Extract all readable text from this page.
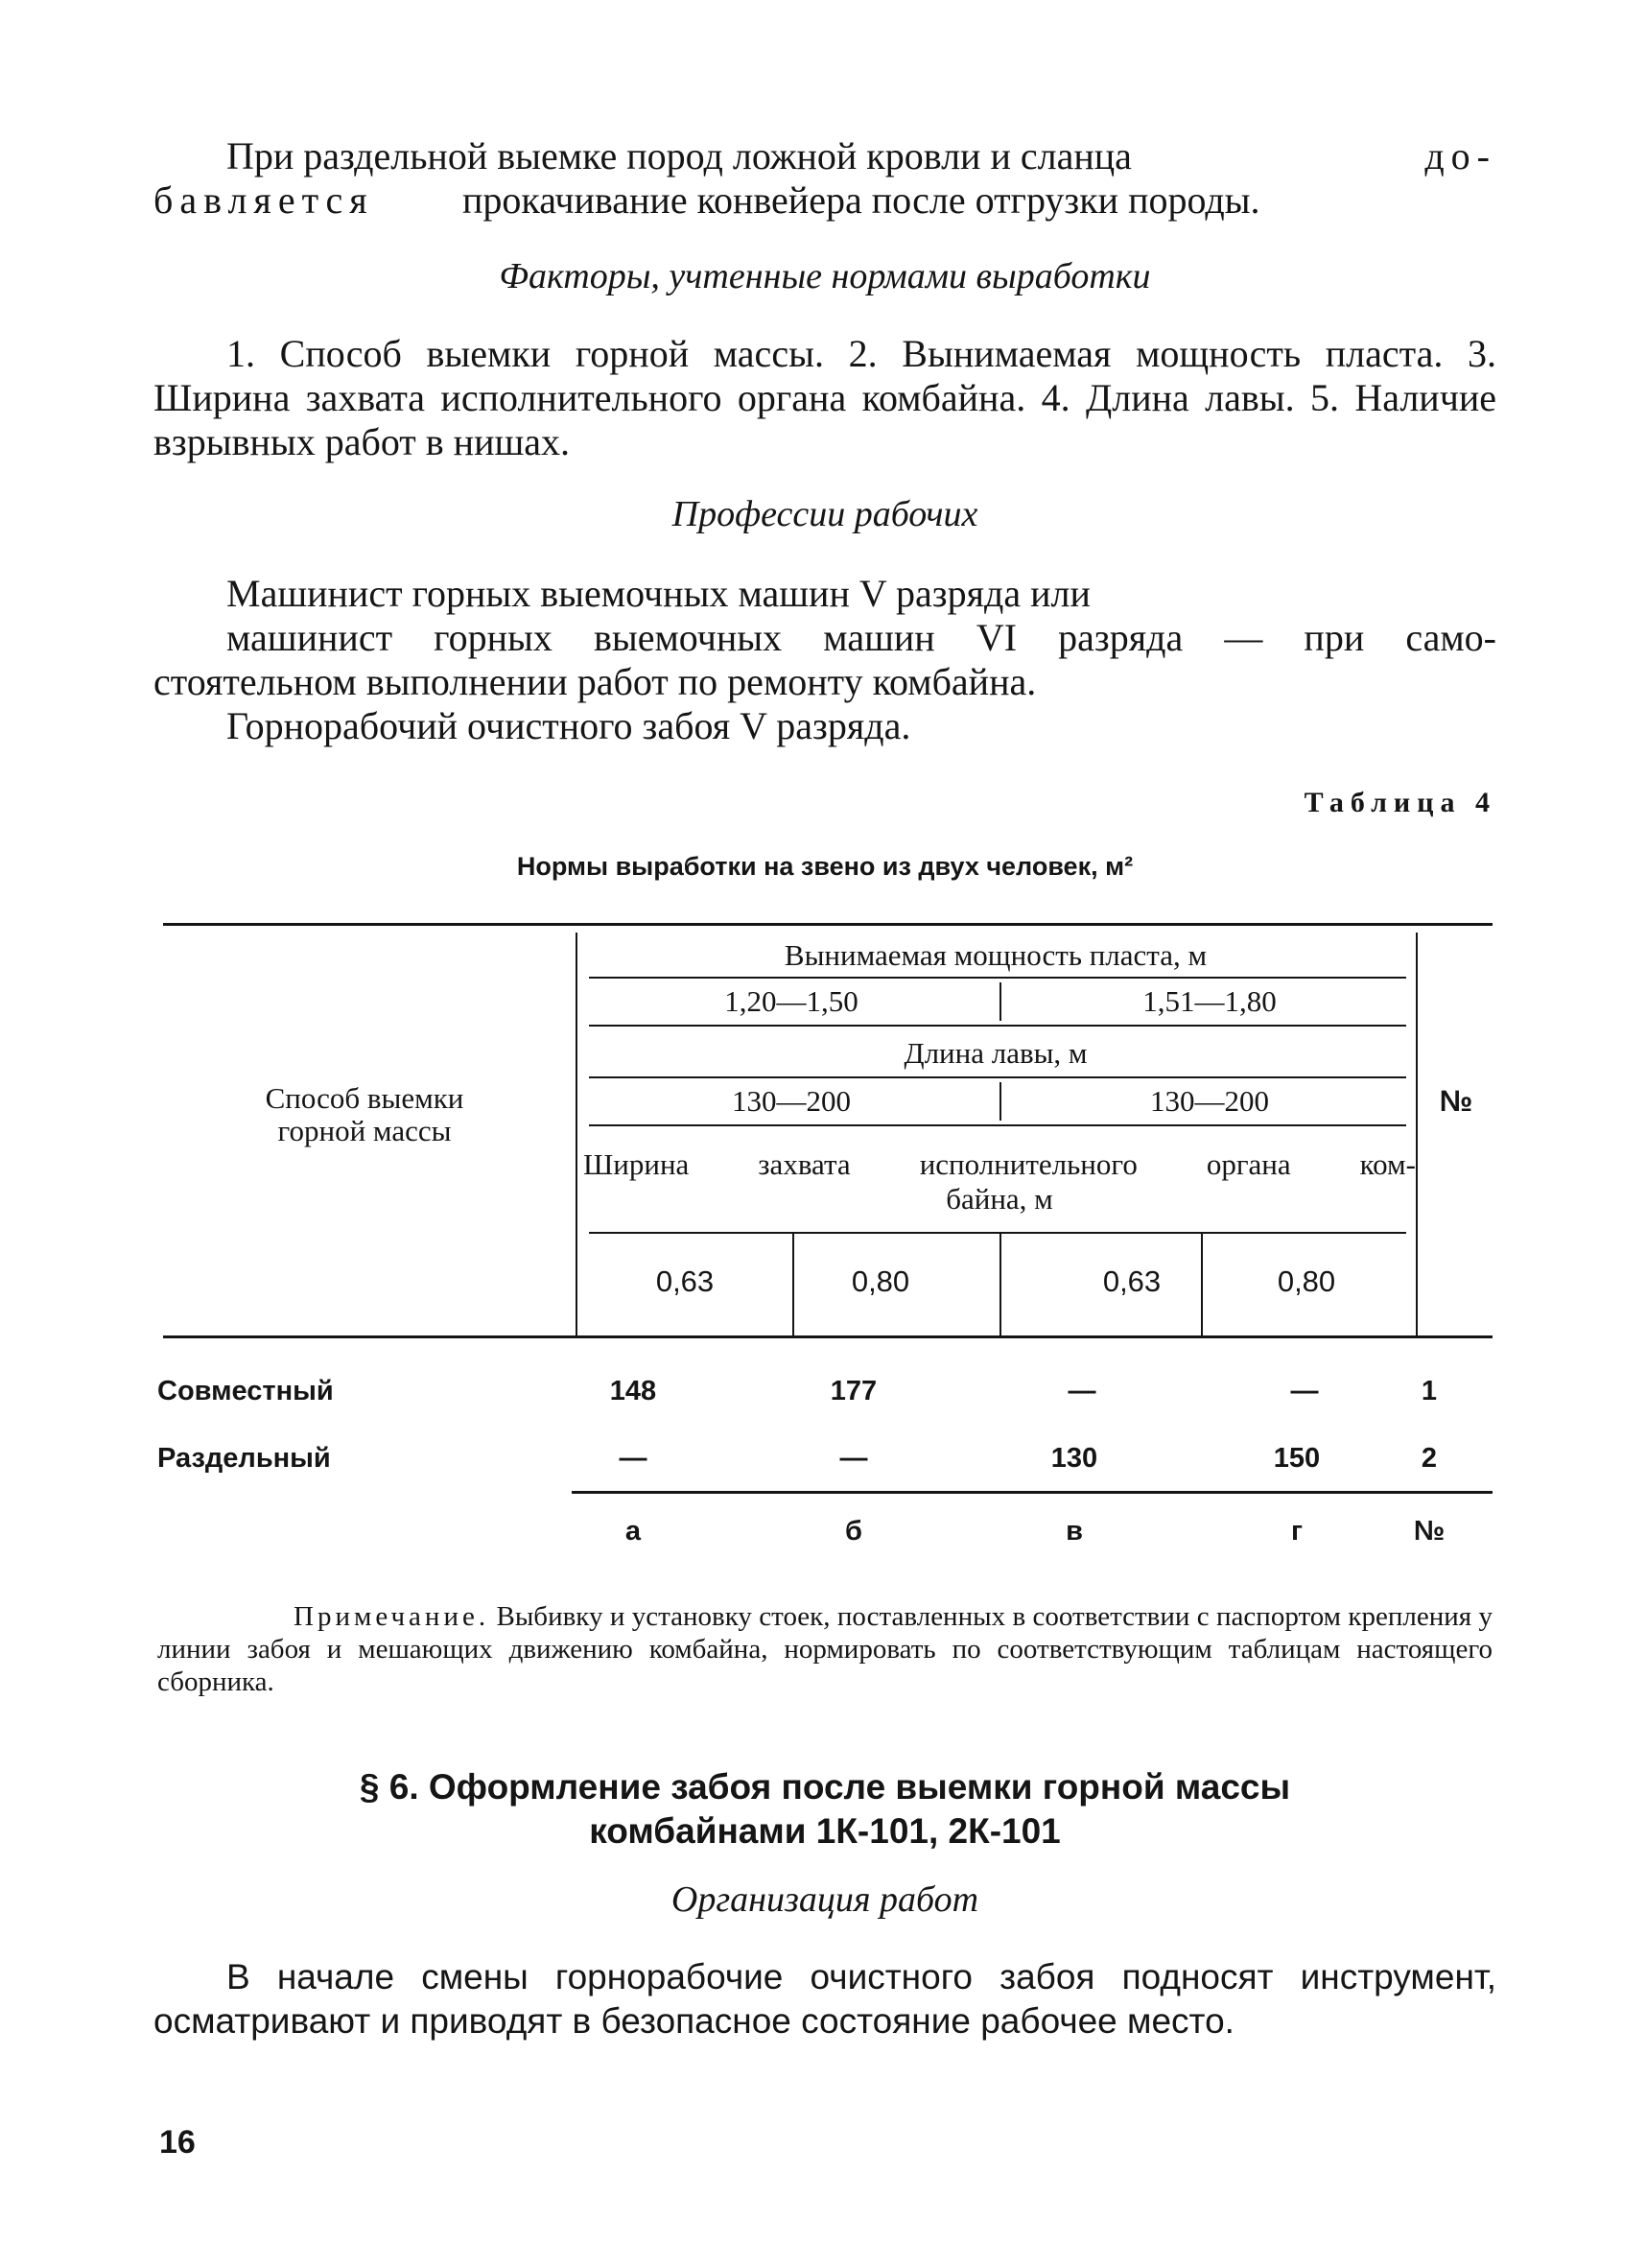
При раздельной выемке пород ложной кровли и сланца	до-
бавляется прокачивание конвейера после отгрузки породы.
Факторы, учтенные нормами выработки

1. Способ выемки горной массы. 2. Вынимаемая мощность пласта. 3. Ширина захвата исполнительного органа комбайна. 4. Длина лавы. 5. Наличие взрывных работ в нишах.

Профессии рабочих
Машинист горных выемочных машин V разряда или
машинист горных выемочных машин VI разряда — при само-
стоятельном выполнении работ по ремонту комбайна.
Горнорабочий очистного забоя V разряда.
Таблица 4
Нормы выработки на звено из двух человек, м²
Способ выемки
горной массы
Вынимаемая мощность пласта, м
1,20—1,50	1,51—1,80
Длина лавы, м
130—200	130—200
Ширина захвата исполнительного органа ком-
байна, м
0,63	0,80	0,63	0,80
№
Совместный	148	177	—	—	1
Раздельный	—	—	130	150	2
а	б	в	г	№

Примечание. Выбивку и установку стоек, поставленных в соответствии с паспортом крепления у линии забоя и мешающих движению комбайна, нормировать по соответствующим таблицам настоящего сборника.

§ 6. Оформление забоя после выемки горной массы
комбайнами 1К-101, 2К-101
Организация работ

В начале смены горнорабочие очистного забоя подносят инструмент, осматривают и приводят в безопасное состояние рабочее место.

16
